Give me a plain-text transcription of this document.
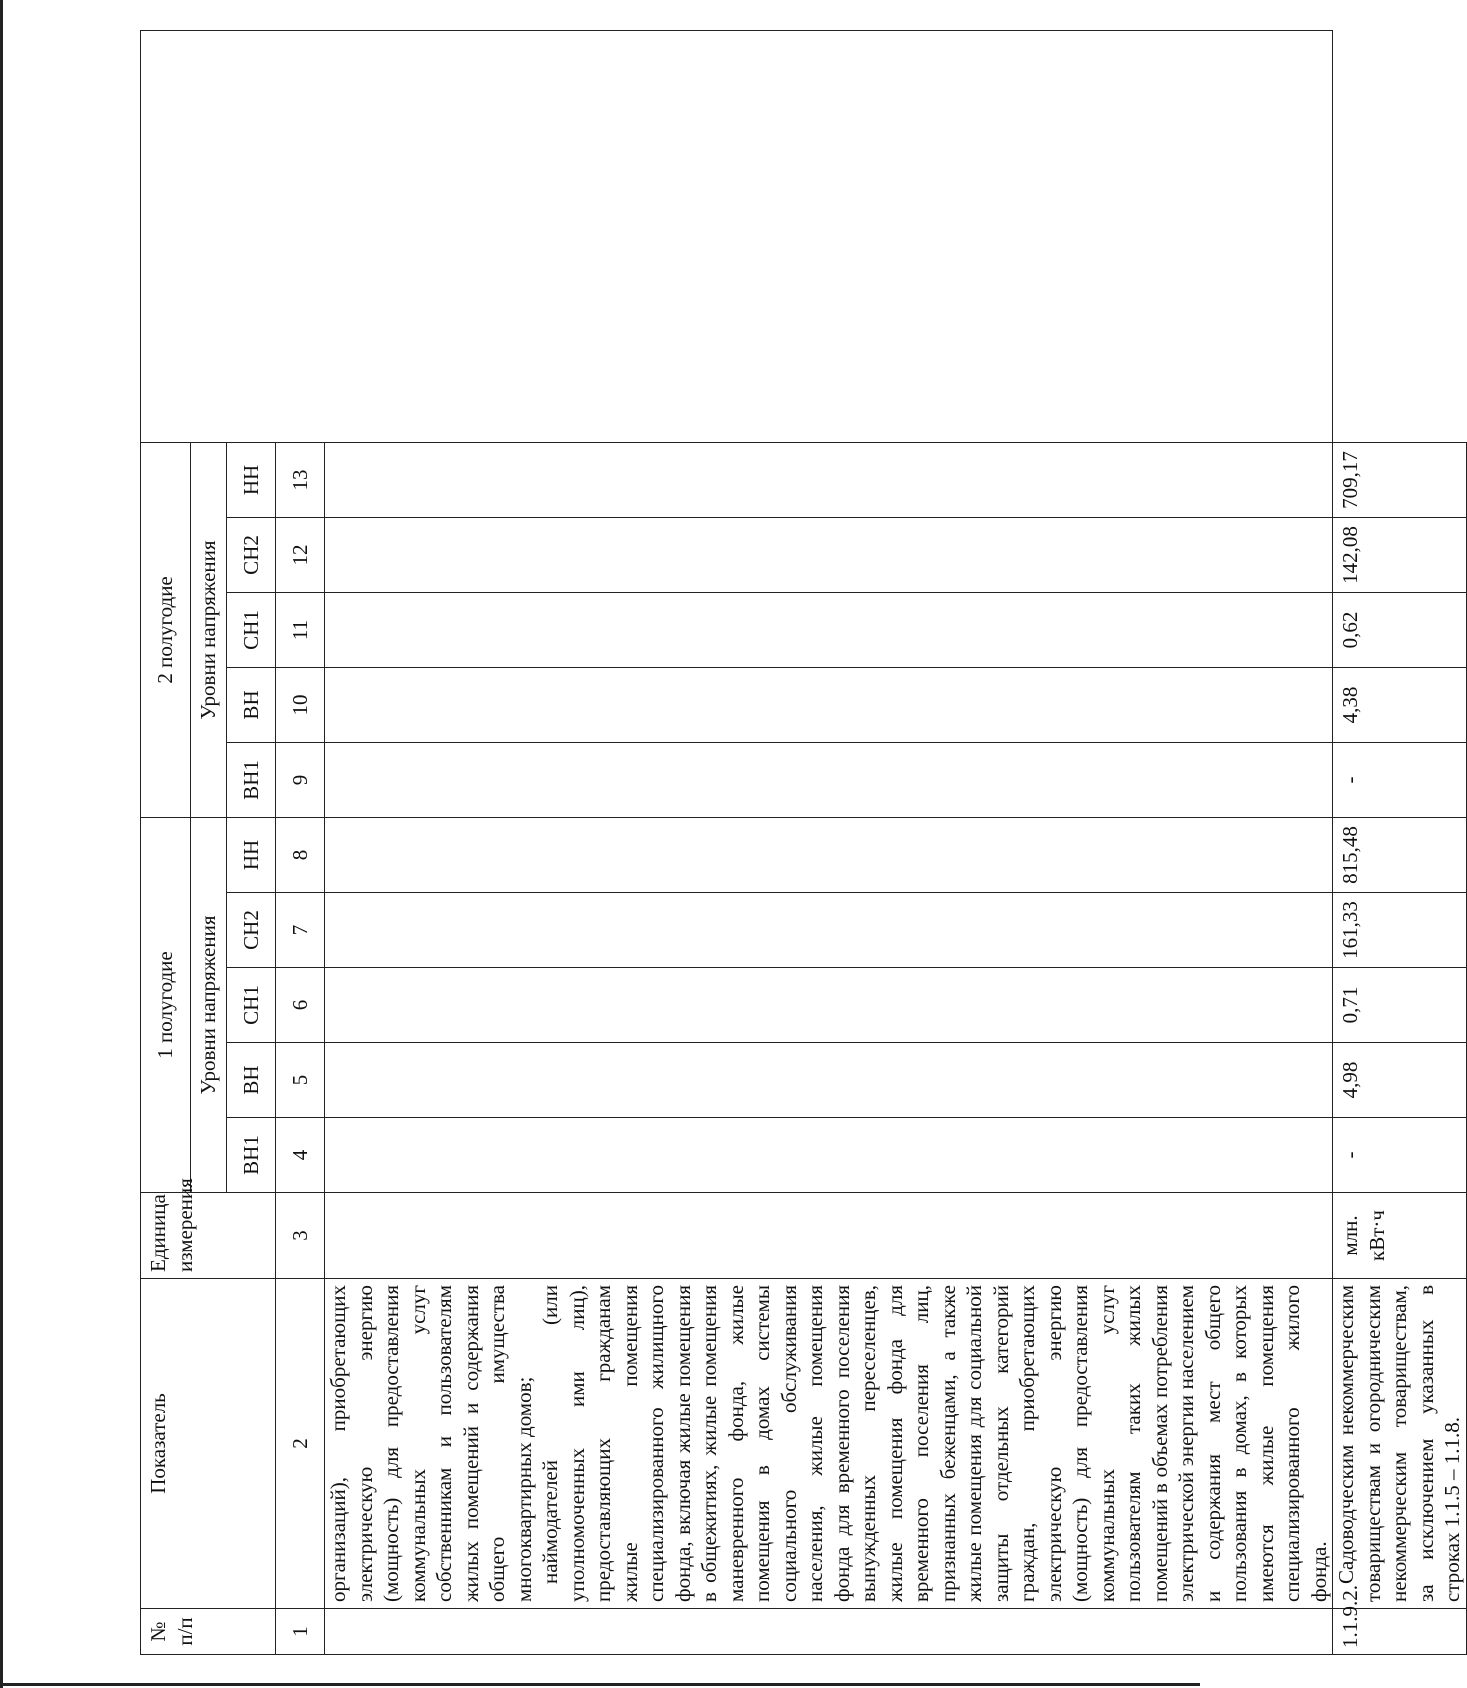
№ п/п	Показатель	Единица измерения	1 полугодие					2 полугодие					
			Уровни напряжения					Уровни напряжения					
			ВН1	ВН	СН1	СН2	НН	ВН1	ВН	СН1	СН2	НН	
1	2	3	4	5	6	7	8	9	10	11	12	13	

	организаций), приобретающих электрическую энергию (мощность) для предоставления коммунальных услуг собственникам и пользователям жилых помещений и содержания общего имущества многоквартирных домов; наймодателей (или уполномоченных ими лиц), предоставляющих гражданам жилые помещения специализированного жилищного фонда, включая жилые помещения в общежитиях, жилые помещения маневренного фонда, жилые помещения в домах системы социального обслуживания населения, жилые помещения фонда для временного поселения вынужденных переселенцев, жилые помещения фонда для временного поселения лиц, признанных беженцами, а также жилые помещения для социальной защиты отдельных категорий граждан, приобретающих электрическую энергию (мощность) для предоставления коммунальных услуг пользователям таких жилых помещений в объемах потребления электрической энергии населением и содержания мест общего пользования в домах, в которых имеются жилые помещения специализированного жилого фонда.												

1.1.9.2.	Садоводческим некоммерческим товариществам и огородническим некоммерческим товариществам, за исключением указанных в строках 1.1.5 – 1.1.8.	млн. кВт·ч	-	4,98	0,71	161,33	815,48	-	4,38	0,62	142,08	709,17	
